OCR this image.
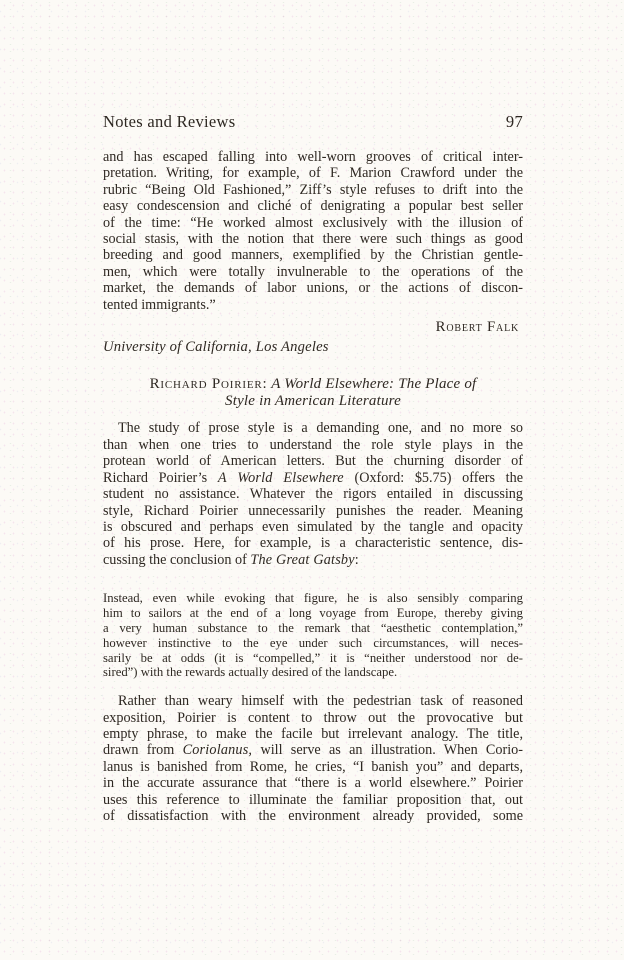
Notes and Reviews	97
and has escaped falling into well-worn grooves of critical inter-
pretation. Writing, for example, of F. Marion Crawford under the
rubric “Being Old Fashioned,” Ziff’s style refuses to drift into the
easy condescension and cliché of denigrating a popular best seller
of the time: “He worked almost exclusively with the illusion of
social stasis, with the notion that there were such things as good
breeding and good manners, exemplified by the Christian gentle-
men, which were totally invulnerable to the operations of the
market, the demands of labor unions, or the actions of discon-
tented immigrants.”
Robert Falk
University of California, Los Angeles
Richard Poirier: A World Elsewhere: The Place of
Style in American Literature
The study of prose style is a demanding one, and no more so
than when one tries to understand the role style plays in the
protean world of American letters. But the churning disorder of
Richard Poirier’s A World Elsewhere (Oxford: $5.75) offers the
student no assistance. Whatever the rigors entailed in discussing
style, Richard Poirier unnecessarily punishes the reader. Meaning
is obscured and perhaps even simulated by the tangle and opacity
of his prose. Here, for example, is a characteristic sentence, dis-
cussing the conclusion of The Great Gatsby:
Instead, even while evoking that figure, he is also sensibly comparing
him to sailors at the end of a long voyage from Europe, thereby giving
a very human substance to the remark that “aesthetic contemplation,”
however instinctive to the eye under such circumstances, will neces-
sarily be at odds (it is “compelled,” it is “neither understood nor de-
sired”) with the rewards actually desired of the landscape.
Rather than weary himself with the pedestrian task of reasoned
exposition, Poirier is content to throw out the provocative but
empty phrase, to make the facile but irrelevant analogy. The title,
drawn from Coriolanus, will serve as an illustration. When Corio-
lanus is banished from Rome, he cries, “I banish you” and departs,
in the accurate assurance that “there is a world elsewhere.” Poirier
uses this reference to illuminate the familiar proposition that, out
of dissatisfaction with the environment already provided, some
